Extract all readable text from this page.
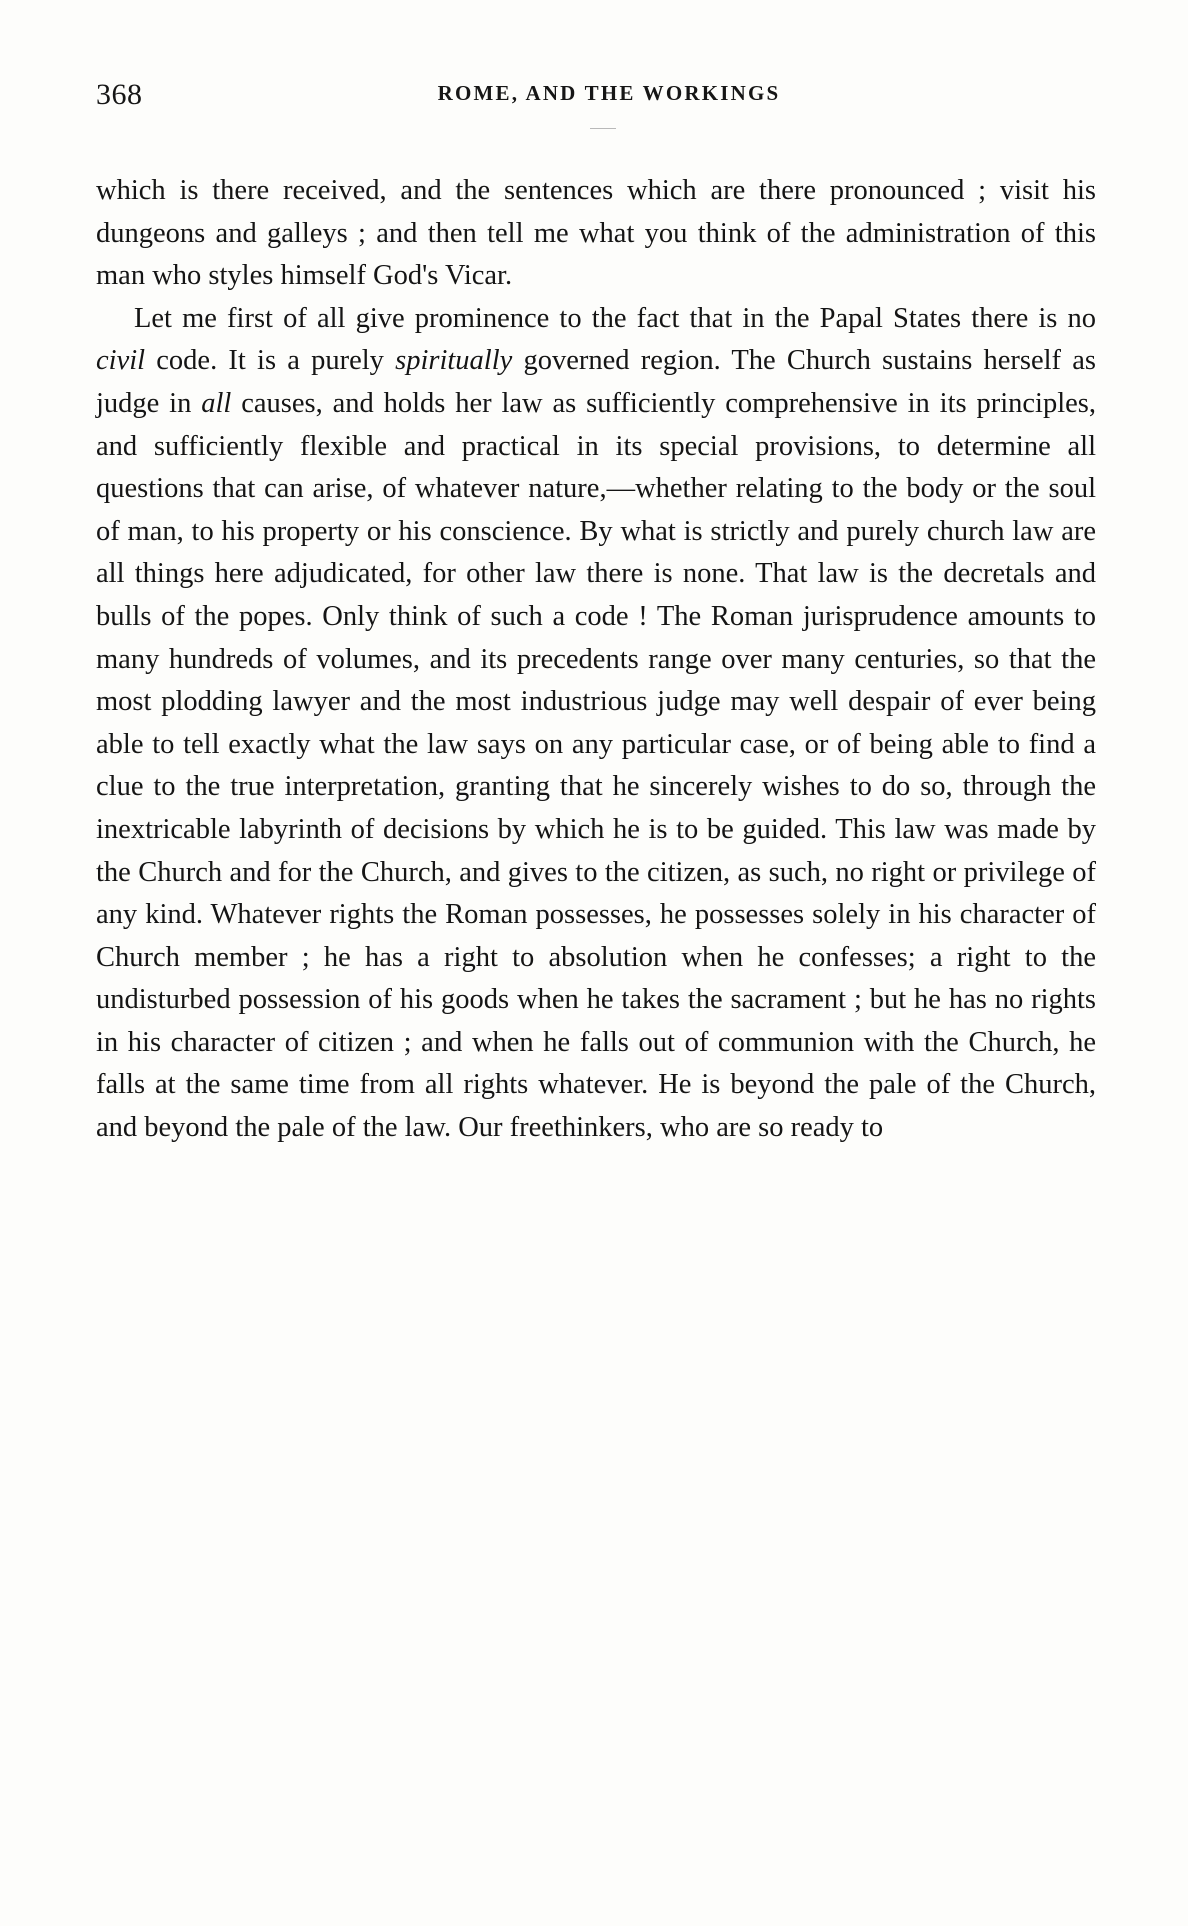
368	ROME, AND THE WORKINGS

which is there received, and the sentences which are there pronounced ; visit his dungeons and galleys ; and then tell me what you think of the administration of this man who styles himself God's Vicar.

Let me first of all give prominence to the fact that in the Papal States there is no civil code. It is a purely spiritually governed region. The Church sustains herself as judge in all causes, and holds her law as sufficiently comprehensive in its principles, and sufficiently flexible and practical in its special provisions, to determine all questions that can arise, of whatever nature,—whether relating to the body or the soul of man, to his property or his conscience. By what is strictly and purely church law are all things here adjudicated, for other law there is none. That law is the decretals and bulls of the popes. Only think of such a code ! The Roman jurisprudence amounts to many hundreds of volumes, and its precedents range over many centuries, so that the most plodding lawyer and the most industrious judge may well despair of ever being able to tell exactly what the law says on any particular case, or of being able to find a clue to the true interpretation, granting that he sincerely wishes to do so, through the inextricable labyrinth of decisions by which he is to be guided. This law was made by the Church and for the Church, and gives to the citizen, as such, no right or privilege of any kind. Whatever rights the Roman possesses, he possesses solely in his character of Church member ; he has a right to absolution when he confesses; a right to the undisturbed possession of his goods when he takes the sacrament ; but he has no rights in his character of citizen ; and when he falls out of communion with the Church, he falls at the same time from all rights whatever. He is beyond the pale of the Church, and beyond the pale of the law. Our freethinkers, who are so ready to
